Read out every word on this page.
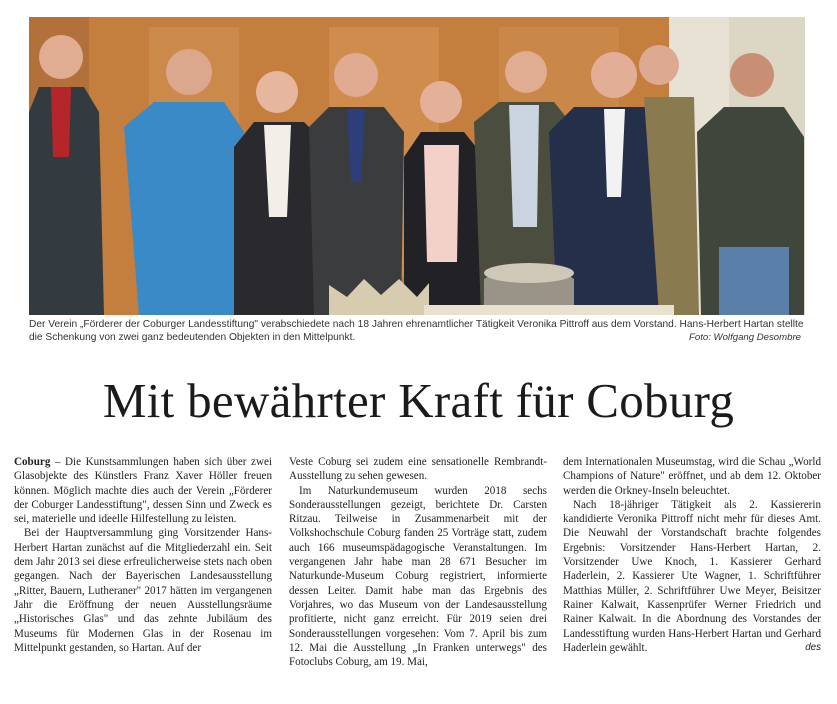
Der Verein „Förderer der Coburger Landesstiftung" verabschiedete nach 18 Jahren ehrenamtlicher Tätigkeit Veronika Pittroff aus dem Vorstand. Hans-Herbert Hartan stellte die Schenkung von zwei ganz bedeutenden Objekten in den Mittelpunkt.	Foto: Wolfgang Desombre
Mit bewährter Kraft für Coburg

Coburg – Die Kunstsammlungen haben sich über zwei Glasobjekte des Künstlers Franz Xaver Höller freuen können. Möglich machte dies auch der Verein „Förderer der Coburger Landesstiftung", dessen Sinn und Zweck es sei, materielle und ideelle Hilfestellung zu leisten.

Bei der Hauptversammlung ging Vorsitzender Hans-Herbert Hartan zunächst auf die Mitgliederzahl ein. Seit dem Jahr 2013 sei diese erfreulicherweise stets nach oben gegangen. Nach der Bayerischen Landesausstellung „Ritter, Bauern, Lutheraner" 2017 hätten im vergangenen Jahr die Eröffnung der neuen Ausstellungsräume „Historisches Glas" und das zehnte Jubiläum des Museums für Modernen Glas in der Rosenau im Mittelpunkt gestanden, so Hartan. Auf der

Veste Coburg sei zudem eine sensationelle Rembrandt-Ausstellung zu sehen gewesen.

Im Naturkundemuseum wurden 2018 sechs Sonderausstellungen gezeigt, berichtete Dr. Carsten Ritzau. Teilweise in Zusammenarbeit mit der Volkshochschule Coburg fanden 25 Vorträge statt, zudem auch 166 museumspädagogische Veranstaltungen. Im vergangenen Jahr habe man 28 671 Besucher im Naturkunde-Museum Coburg registriert, informierte dessen Leiter. Damit habe man das Ergebnis des Vorjahres, wo das Museum von der Landesausstellung profitierte, nicht ganz erreicht. Für 2019 seien drei Sonderausstellungen vorgesehen: Vom 7. April bis zum 12. Mai die Ausstellung „In Franken unterwegs" des Fotoclubs Coburg, am 19. Mai,

dem Internationalen Museumstag, wird die Schau „World Champions of Nature" eröffnet, und ab dem 12. Oktober werden die Orkney-Inseln beleuchtet.

Nach 18-jähriger Tätigkeit als 2. Kassiererin kandidierte Veronika Pittroff nicht mehr für dieses Amt. Die Neuwahl der Vorstandschaft brachte folgendes Ergebnis: Vorsitzender Hans-Herbert Hartan, 2. Vorsitzender Uwe Knoch, 1. Kassierer Gerhard Haderlein, 2. Kassierer Ute Wagner, 1. Schriftführer Matthias Müller, 2. Schriftführer Uwe Meyer, Beisitzer Rainer Kalwait, Kassenprüfer Werner Friedrich und Rainer Kalwait. In die Abordnung des Vorstandes der Landesstiftung wurden Hans-Herbert Hartan und Gerhard Haderlein gewählt.	des
